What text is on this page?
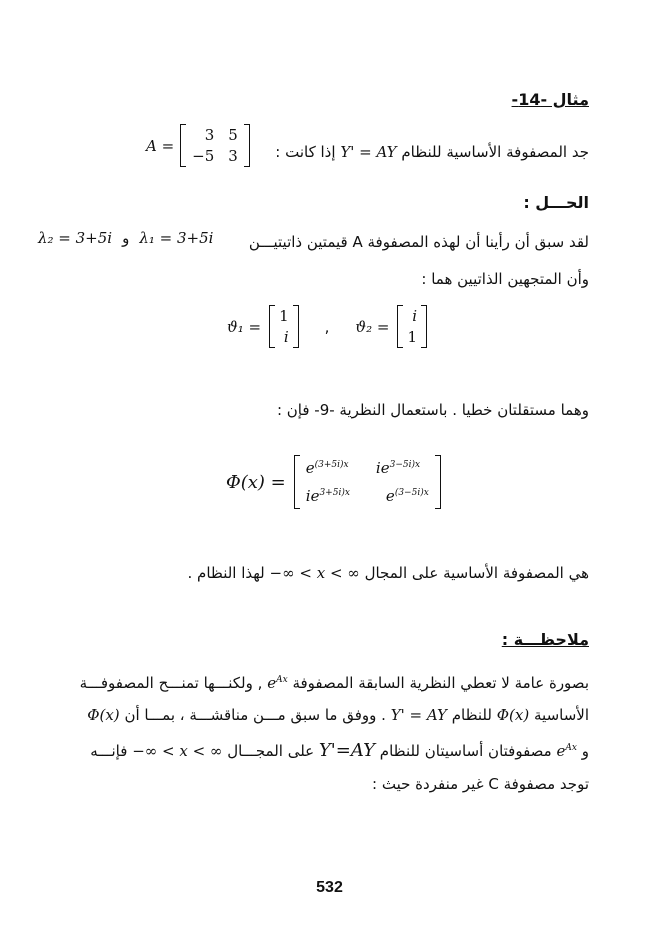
مثال -14-
جد المصفوفة الأساسية للنظام Y' = AY إذا كانت :
A =
3 5
−5 3
الحـــل :
لقد سبق أن رأينا أن لهذه المصفوفة A قيمتين ذاتيتيـــن
λ₂ = 3+5i و λ₁ = 3+5i
وأن المتجهين الذاتيين هما :
ϑ₁ =
1
i
, ϑ₂ =
i
1
وهما مستقلتان خطيا . باستعمال النظرية -9- فإن :
Φ(x) =
$e^{(3+5i)x}$ $ie^{3-5i)x}$
$ie^{3+5i)x}$	$e^{(3-5i)x}$
هي المصفوفة الأساسية على المجال −∞ < x < ∞ لهذا النظام .
ملاحظـــة :
بصورة عامة لا تعطي النظرية السابقة المصفوفة $e^{Ax}$ , ولكنـــها تمنـــح المصفوفـــة
الأساسية Φ(x) للنظام Y' = AY . ووفق ما سبق مـــن مناقشـــة ، بمـــا أن Φ(x)
و $e^{Ax}$ مصفوفتان أساسيتان للنظام Y'=AY على المجـــال −∞ < x < ∞ فإنـــه
توجد مصفوفة C غير منفردة حيث :
532
